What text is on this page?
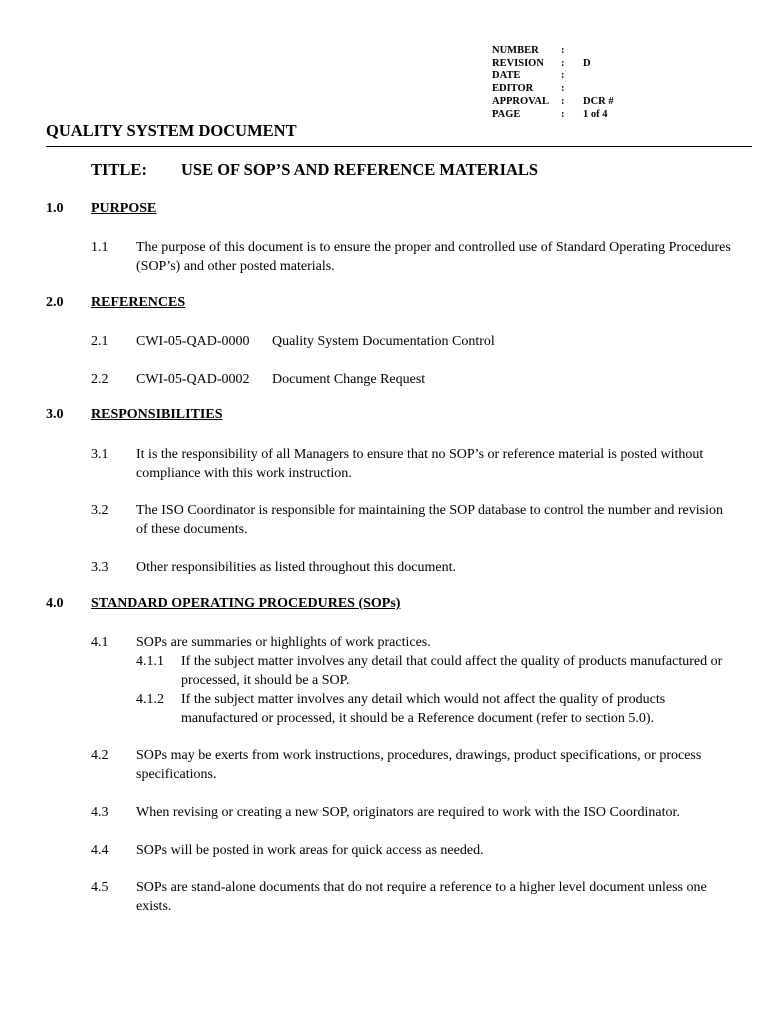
NUMBER	:
REVISION	:	D
DATE	:
EDITOR	:
APPROVAL	:	DCR #
PAGE	:	1 of 4
QUALITY SYSTEM DOCUMENT
TITLE: USE OF SOP’S AND REFERENCE MATERIALS
1.0 PURPOSE
1.1 The purpose of this document is to ensure the proper and controlled use of Standard Operating Procedures (SOP’s) and other posted materials.
2.0 REFERENCES
2.1 CWI-05-QAD-0000 Quality System Documentation Control
2.2 CWI-05-QAD-0002 Document Change Request
3.0 RESPONSIBILITIES
3.1 It is the responsibility of all Managers to ensure that no SOP’s or reference material is posted without compliance with this work instruction.
3.2 The ISO Coordinator is responsible for maintaining the SOP database to control the number and revision of these documents.
3.3 Other responsibilities as listed throughout this document.
4.0 STANDARD OPERATING PROCEDURES (SOPs)
4.1 SOPs are summaries or highlights of work practices.
4.1.1 If the subject matter involves any detail that could affect the quality of products manufactured or processed, it should be a SOP.
4.1.2 If the subject matter involves any detail which would not affect the quality of products manufactured or processed, it should be a Reference document (refer to section 5.0).
4.2 SOPs may be exerts from work instructions, procedures, drawings, product specifications, or process specifications.
4.3 When revising or creating a new SOP, originators are required to work with the ISO Coordinator.
4.4 SOPs will be posted in work areas for quick access as needed.
4.5 SOPs are stand-alone documents that do not require a reference to a higher level document unless one exists.
